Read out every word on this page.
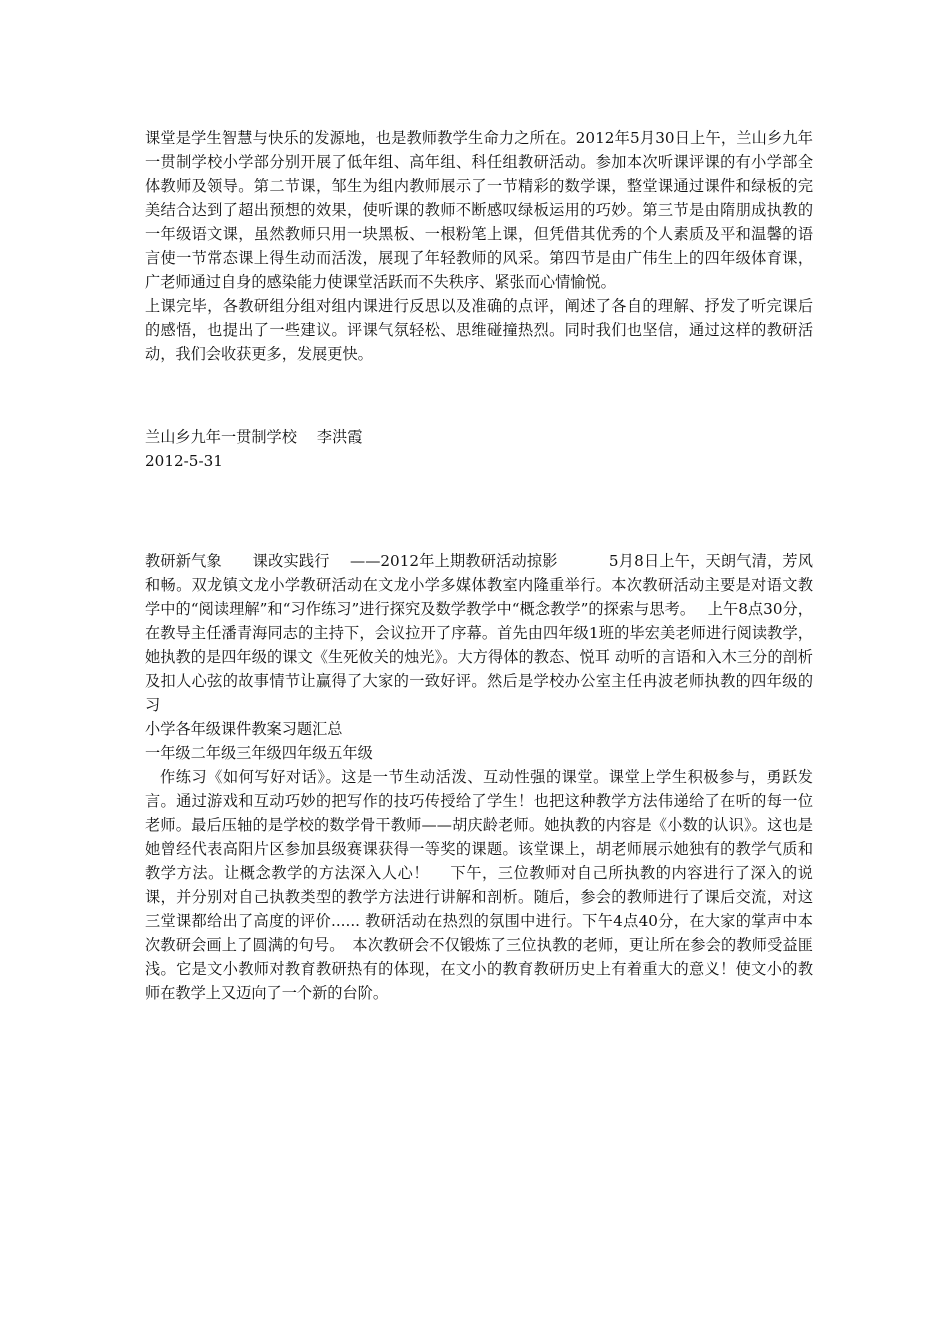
课堂是学生智慧与快乐的发源地，也是教师教学生命力之所在。2012年5月30日上午，兰山乡九年一贯制学校小学部分别开展了低年组、高年组、科任组教研活动。参加本次听课评课的有小学部全体教师及领导。第二节课，邹生为组内教师展示了一节精彩的数学课，整堂课通过课件和绿板的完美结合达到了超出预想的效果，使听课的教师不断感叹绿板运用的巧妙。第三节是由隋朋成执教的一年级语文课，虽然教师只用一块黑板、一根粉笔上课，但凭借其优秀的个人素质及平和温馨的语言使一节常态课上得生动而活泼，展现了年轻教师的风采。第四节是由广伟生上的四年级体育课，广老师通过自身的感染能力使课堂活跃而不失秩序、紧张而心情愉悦。

上课完毕，各教研组分组对组内课进行反思以及准确的点评，阐述了各自的理解、抒发了听完课后的感悟，也提出了一些建议。评课气氛轻松、思维碰撞热烈。同时我们也坚信，通过这样的教研活动，我们会收获更多，发展更快。

兰山乡九年一贯制学校　 李洪霞

2012-5-31

教研新气象　　课改实践行　 ——2012年上期教研活动掠影　　　 5月8日上午，天朗气清，芳风和畅。双龙镇文龙小学教研活动在文龙小学多媒体教室内隆重举行。本次教研活动主要是对语文教学中的“阅读理解”和“习作练习”进行探究及数学教学中“概念教学”的探索与思考。　 上午8点30分，在教导主任潘青海同志的主持下，会议拉开了序幕。首先由四年级1班的毕宏美老师进行阅读教学，她执教的是四年级的课文《生死攸关的烛光》。大方得体的教态、悦耳 动听的言语和入木三分的剖析及扣人心弦的故事情节让赢得了大家的一致好评。然后是学校办公室主任冉波老师执教的四年级的习

小学各年级课件教案习题汇总

一年级二年级三年级四年级五年级

作练习《如何写好对话》。这是一节生动活泼、互动性强的课堂。课堂上学生积极参与，勇跃发言。通过游戏和互动巧妙的把写作的技巧传授给了学生！也把这种教学方法伟递给了在听的每一位老师。最后压轴的是学校的数学骨干教师——胡庆龄老师。她执教的内容是《小数的认识》。这也是她曾经代表高阳片区参加县级赛课获得一等奖的课题。该堂课上，胡老师展示她独有的教学气质和教学方法。让概念教学的方法深入人心！　 下午，三位教师对自己所执教的内容进行了深入的说课，并分别对自己执教类型的教学方法进行讲解和剖析。随后，参会的教师进行了课后交流，对这三堂课都给出了高度的评价...... 教研活动在热烈的氛围中进行。下午4点40分，在大家的掌声中本次教研会画上了圆满的句号。　本次教研会不仅锻炼了三位执教的老师，更让所在参会的教师受益匪浅。它是文小教师对教育教研热有的体现，在文小的教育教研历史上有着重大的意义！使文小的教师在教学上又迈向了一个新的台阶。
